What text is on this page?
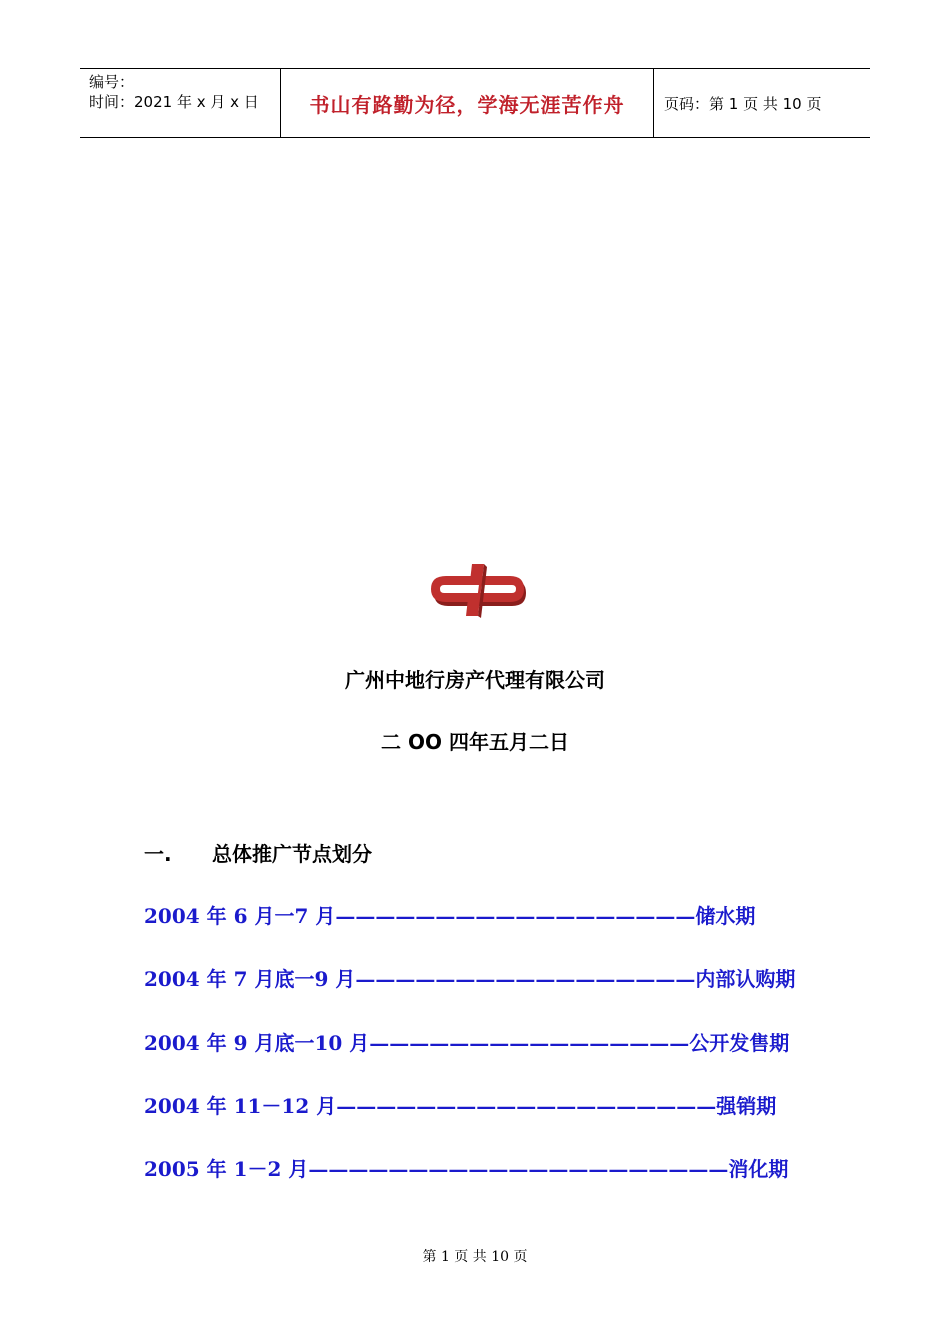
编号：
时间：2021 年 x 月 x 日	书山有路勤为径，学海无涯苦作舟	页码：第 1 页 共 10 页
广州中地行房产代理有限公司
二 OO 四年五月二日
一. 总体推广节点划分
2004 年 6 月一7 月——————————————————储水期
2004 年 7 月底一9 月—————————————————内部认购期
2004 年 9 月底一10 月————————————————公开发售期
2004 年 11－12 月———————————————————强销期
2005 年 1－2 月—————————————————————消化期
第 1 页 共 10 页
